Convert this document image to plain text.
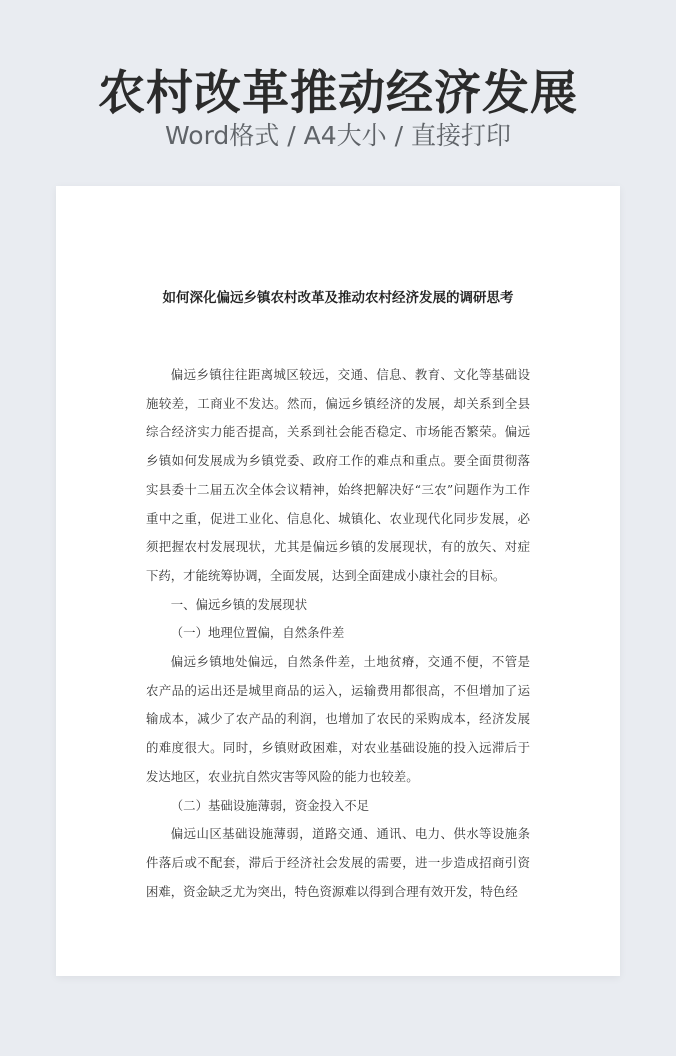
农村改革推动经济发展
Word格式 / A4大小 / 直接打印
如何深化偏远乡镇农村改革及推动农村经济发展的调研思考

偏远乡镇往往距离城区较远，交通、信息、教育、文化等基础设施较差，工商业不发达。然而，偏远乡镇经济的发展，却关系到全县综合经济实力能否提高，关系到社会能否稳定、市场能否繁荣。偏远乡镇如何发展成为乡镇党委、政府工作的难点和重点。要全面贯彻落实县委十二届五次全体会议精神，始终把解决好“三农”问题作为工作重中之重，促进工业化、信息化、城镇化、农业现代化同步发展，必须把握农村发展现状，尤其是偏远乡镇的发展现状，有的放矢、对症下药，才能统筹协调，全面发展，达到全面建成小康社会的目标。

一、偏远乡镇的发展现状

（一）地理位置偏，自然条件差

偏远乡镇地处偏远，自然条件差，土地贫瘠，交通不便，不管是农产品的运出还是城里商品的运入，运输费用都很高，不但增加了运输成本，减少了农产品的利润，也增加了农民的采购成本，经济发展的难度很大。同时，乡镇财政困难，对农业基础设施的投入远滞后于发达地区，农业抗自然灾害等风险的能力也较差。

（二）基础设施薄弱，资金投入不足

偏远山区基础设施薄弱，道路交通、通讯、电力、供水等设施条件落后或不配套，滞后于经济社会发展的需要，进一步造成招商引资困难，资金缺乏尤为突出，特色资源难以得到合理有效开发，特色经
